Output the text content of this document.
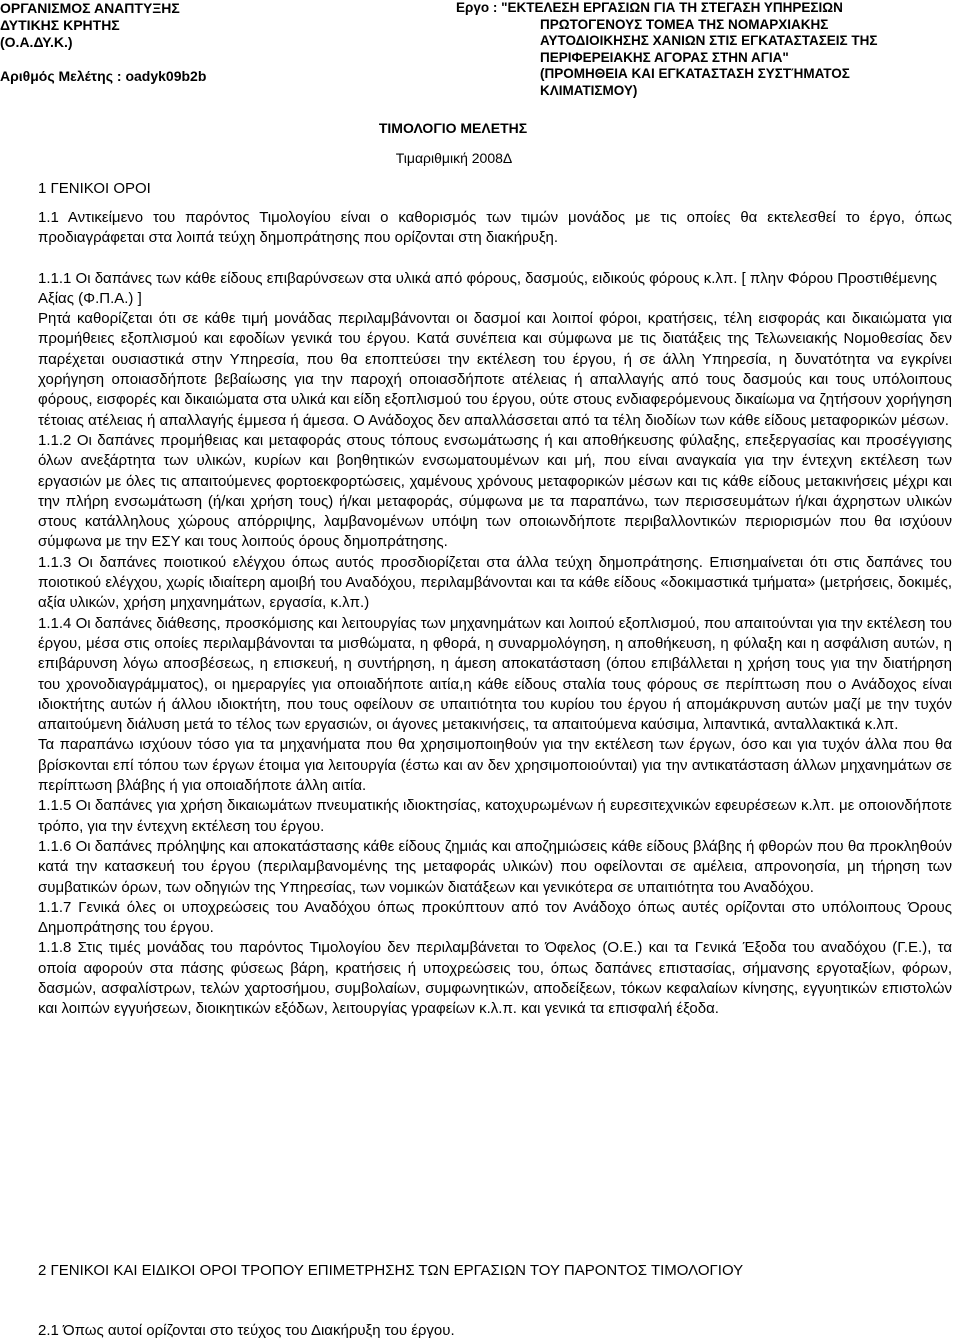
ΟΡΓΑΝΙΣΜΟΣ ΑΝΑΠΤΥΞΗΣ
ΔΥΤΙΚΗΣ ΚΡΗΤΗΣ
(Ο.Α.ΔΥ.Κ.)
Αριθμός Μελέτης : oadyk09b2b
Εργο : "ΕΚΤΕΛΕΣΗ ΕΡΓΑΣΙΩΝ ΓΙΑ ΤΗ ΣΤΕΓΑΣΗ ΥΠΗΡΕΣΙΩΝ
ΠΡΩΤΟΓΕΝΟΥΣ ΤΟΜΕΑ ΤΗΣ ΝΟΜΑΡΧΙΑΚΗΣ
ΑΥΤΟΔΙΟΙΚΗΣΗΣ ΧΑΝΙΩΝ ΣΤΙΣ ΕΓΚΑΤΑΣΤΑΣΕΙΣ ΤΗΣ
ΠΕΡΙΦΕΡΕΙΑΚΗΣ ΑΓΟΡΑΣ ΣΤΗΝ ΑΓΙΑ"
(ΠΡΟΜΗΘΕΙΑ ΚΑΙ ΕΓΚΑΤΑΣΤΑΣΗ ΣΥΣΤΉΜΑΤΟΣ
ΚΛΙΜΑΤΙΣΜΟΥ)
ΤΙΜΟΛΟΓΙΟ ΜΕΛΕΤΗΣ
Τιμαριθμική 2008Δ
1 ΓΕΝΙΚΟΙ ΟΡΟΙ

1.1 Αντικείμενο του παρόντος Τιμολογίου είναι ο καθορισμός των τιμών μονάδος με τις οποίες θα εκτελεσθεί το έργο, όπως προδιαγράφεται στα λοιπά τεύχη δημοπράτησης που ορίζονται στη διακήρυξη.

1.1.1 Οι δαπάνες των κάθε είδους επιβαρύνσεων στα υλικά από φόρους, δασμούς, ειδικούς φόρους κ.λπ. [ πλην Φόρου Προστιθέμενης Αξίας (Φ.Π.Α.) ]

Ρητά καθορίζεται ότι σε κάθε τιμή μονάδας περιλαμβάνονται οι δασμοί και λοιποί φόροι, κρατήσεις, τέλη εισφοράς και δικαιώματα για προμήθειες εξοπλισμού και εφοδίων γενικά του έργου. Κατά συνέπεια και σύμφωνα με τις διατάξεις της Τελωνειακής Νομοθεσίας δεν παρέχεται ουσιαστικά στην Υπηρεσία, που θα εποπτεύσει την εκτέλεση του έργου, ή σε άλλη Υπηρεσία, η δυνατότητα να εγκρίνει χορήγηση οποιασδήποτε βεβαίωσης για την παροχή οποιασδήποτε ατέλειας ή απαλλαγής από τους δασμούς και τους υπόλοιπους φόρους, εισφορές και δικαιώματα στα υλικά και είδη εξοπλισμού του έργου, ούτε στους ενδιαφερόμενους δικαίωμα να ζητήσουν χορήγηση τέτοιας ατέλειας ή απαλλαγής έμμεσα ή άμεσα. Ο Ανάδοχος δεν απαλλάσσεται από τα τέλη διοδίων των κάθε είδους μεταφορικών μέσων.

1.1.2 Οι δαπάνες προμήθειας και μεταφοράς στους τόπους ενσωμάτωσης ή και αποθήκευσης φύλαξης, επεξεργασίας και προσέγγισης όλων ανεξάρτητα των υλικών, κυρίων και βοηθητικών ενσωματουμένων και μή, που είναι αναγκαία για την έντεχνη εκτέλεση των εργασιών με όλες τις απαιτούμενες φορτοεκφορτώσεις, χαμένους χρόνους μεταφορικών μέσων και τις κάθε είδους μετακινήσεις μέχρι και την πλήρη ενσωμάτωση (ή/και χρήση τους) ή/και μεταφοράς, σύμφωνα με τα παραπάνω, των περισσευμάτων ή/και άχρηστων υλικών στους κατάλληλους χώρους απόρριψης, λαμβανομένων υπόψη των οποιωνδήποτε περιβαλλοντικών περιορισμών που θα ισχύουν σύμφωνα με την ΕΣΥ και τους λοιπούς όρους δημοπράτησης.

1.1.3 Οι δαπάνες ποιοτικού ελέγχου όπως αυτός προσδιορίζεται στα άλλα τεύχη δημοπράτησης. Επισημαίνεται ότι στις δαπάνες του ποιοτικού ελέγχου, χωρίς ιδιαίτερη αμοιβή του Αναδόχου, περιλαμβάνονται και τα κάθε είδους «δοκιμαστικά τμήματα» (μετρήσεις, δοκιμές, αξία υλικών, χρήση μηχανημάτων, εργασία, κ.λπ.)

1.1.4 Οι δαπάνες διάθεσης, προσκόμισης και λειτουργίας των μηχανημάτων και λοιπού εξοπλισμού, που απαιτούνται για την εκτέλεση του έργου, μέσα στις οποίες περιλαμβάνονται τα μισθώματα, η φθορά, η συναρμολόγηση, η αποθήκευση, η φύλαξη και η ασφάλιση αυτών, η επιβάρυνση λόγω αποσβέσεως, η επισκευή, η συντήρηση, η άμεση αποκατάσταση (όπου επιβάλλεται η χρήση τους για την διατήρηση του χρονοδιαγράμματος), οι ημεραργίες για οποιαδήποτε αιτία,η κάθε είδους σταλία τους φόρους σε περίπτωση που ο Ανάδοχος είναι ιδιοκτήτης αυτών ή άλλου ιδιοκτήτη, που τους οφείλουν σε υπαιτιότητα του κυρίου του έργου ή απομάκρυνση αυτών μαζί με την τυχόν απαιτούμενη διάλυση μετά το τέλος των εργασιών, οι άγονες μετακινήσεις, τα απαιτούμενα καύσιμα, λιπαντικά, ανταλλακτικά κ.λπ.

Τα παραπάνω ισχύουν τόσο για τα μηχανήματα που θα χρησιμοποιηθούν για την εκτέλεση των έργων, όσο και για τυχόν άλλα που θα βρίσκονται επί τόπου των έργων έτοιμα για λειτουργία (έστω και αν δεν χρησιμοποιούνται) για την αντικατάσταση άλλων μηχανημάτων σε περίπτωση βλάβης ή για οποιαδήποτε άλλη αιτία.

1.1.5 Οι δαπάνες για χρήση δικαιωμάτων πνευματικής ιδιοκτησίας, κατοχυρωμένων ή ευρεσιτεχνικών εφευρέσεων κ.λπ. με οποιονδήποτε τρόπο, για την έντεχνη εκτέλεση του έργου.

1.1.6 Οι δαπάνες πρόληψης και αποκατάστασης κάθε είδους ζημιάς και αποζημιώσεις κάθε είδους βλάβης ή φθορών που θα προκληθούν κατά την κατασκευή του έργου (περιλαμβανομένης της μεταφοράς υλικών) που οφείλονται σε αμέλεια, απρονοησία, μη τήρηση των συμβατικών όρων, των οδηγιών της Υπηρεσίας, των νομικών διατάξεων και γενικότερα σε υπαιτιότητα του Αναδόχου.

1.1.7 Γενικά όλες οι υποχρεώσεις του Αναδόχου όπως προκύπτουν από τον Ανάδοχο όπως αυτές ορίζονται στο υπόλοιπους Όρους Δημοπράτησης του έργου.

1.1.8 Στις τιμές μονάδας του παρόντος Τιμολογίου δεν περιλαμβάνεται το Όφελος (Ο.Ε.) και τα Γενικά Έξοδα του αναδόχου (Γ.Ε.), τα οποία αφορούν στα πάσης φύσεως βάρη, κρατήσεις ή υποχρεώσεις του, όπως δαπάνες επιστασίας, σήμανσης εργοταξίων, φόρων, δασμών, ασφαλίστρων, τελών χαρτοσήμου, συμβολαίων, συμφωνητικών, αποδείξεων, τόκων κεφαλαίων κίνησης, εγγυητικών επιστολών και λοιπών εγγυήσεων, διοικητικών εξόδων, λειτουργίας γραφείων κ.λ.π. και γενικά τα επισφαλή έξοδα.

2 ΓΕΝΙΚΟΙ ΚΑΙ ΕΙΔΙΚΟΙ ΟΡΟΙ ΤΡΟΠΟΥ ΕΠΙΜΕΤΡΗΣΗΣ ΤΩΝ ΕΡΓΑΣΙΩΝ ΤΟΥ ΠΑΡΟΝΤΟΣ ΤΙΜΟΛΟΓΙΟΥ
2.1 Όπως αυτοί ορίζονται στο τεύχος του Διακήρυξη του έργου.
